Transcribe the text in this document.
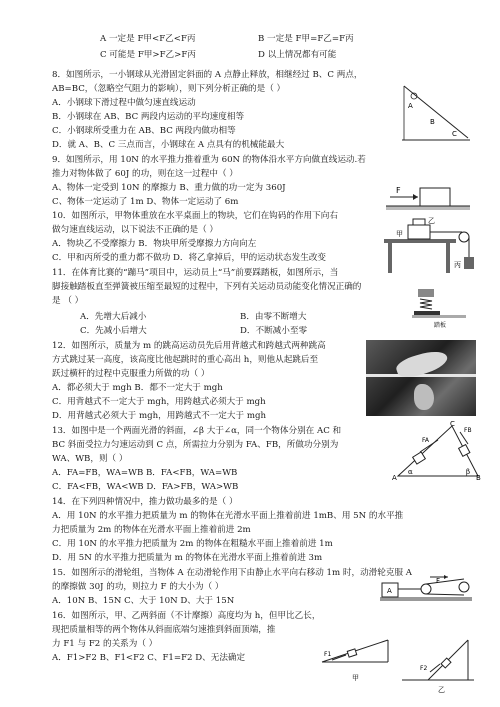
A 一定是 F甲<F乙<F丙	B 一定是 F甲=F乙=F丙
C 可能是 F甲>F乙>F丙	D 以上情况都有可能
8．如图所示，一小钢球从光滑固定斜面的 A 点静止释放，相继经过 B、C 两点，
AB=BC，（忽略空气阻力的影响），则下列分析正确的是（ ）
A．小钢球下滑过程中做匀速直线运动
B．小钢球在 AB、BC 两段内运动的平均速度相等
C．小钢球所受重力在 AB、BC 两段内做功相等
D．就 A、B、C 三点而言，小钢球在 A 点具有的机械能最大
9．如图所示，用 10N 的水平推力推着重为 60N 的物体沿水平方向做直线运动.若
推力对物体做了 60J 的功，则在这一过程中（ ）
A、物体一定受到 10N 的摩擦力 B、重力做的功一定为 360J
C、物体一定运动了 1m D、物体一定运动了 6m
10．如图所示，甲物体重放在水平桌面上的物块，它们在钩码的作用下向右
做匀速直线运动，以下说法不正确的是（ ）
A．物块乙不受摩擦力 B．物块甲所受摩擦力方向向左
C．甲和丙所受的重力都不做功 D．将乙拿掉后，甲的运动状态发生改变
11．在体育比赛的“蹦马”项目中，运动员上“马”前要踩踏板，如图所示，当
脚接触踏板直至弹簧被压缩至最短的过程中，下列有关运动员动能变化情况正确的
是 （ ）
A．先增大后减小	B．由零不断增大
C．先减小后增大	D．不断减小至零
12．如图所示，质量为 m 的跳高运动员先后用背越式和跨越式两种跳高
方式跳过某一高度，该高度比他起跳时的重心高出 h，则他从起跳后至
跃过横杆的过程中克服重力所做的功（ ）
A．都必须大于 mgh B．都不一定大于 mgh
C．用背越式不一定大于 mgh，用跨越式必须大于 mgh
D．用背越式必须大于 mgh，用跨越式不一定大于 mgh
13．如图中是一个两面光滑的斜面，∠β 大于∠α，同一个物体分别在 AC 和
BC 斜面受拉力匀速运动到 C 点，所需拉力分别为 FA、FB，所做功分别为
WA、WB，则（ ）
A．FA=FB，WA=WB B．FA<FB，WA=WB
C．FA<FB，WA<WB D．FA>FB，WA>WB
14．在下列四种情况中，推力做功最多的是（ ）
A．用 10N 的水平推力把质量为 m 的物体在光滑水平面上推着前进 1mB、用 5N 的水平推
力把质量为 2m 的物体在光滑水平面上推着前进 2m
C．用 10N 的水平推力把质量为 2m 的物体在粗糙水平面上推着前进 1m
D．用 5N 的水平推力把质量为 m 的物体在光滑水平面上推着前进 3m
15．如图所示的滑轮组，当物体 A 在动滑轮作用下由静止水平向右移动 1m 时，动滑轮克服 A
的摩擦做 30J 的功，则拉力 F 的大小为（ ）
A．10N B、15N C、大于 10N D、大于 15N
16．如图所示，甲、乙两斜面（不计摩擦）高度均为 h，但甲比乙长，
现把质量相等的两个物体从斜面底端匀速推到斜面顶端，推
力 F1 与 F2 的关系为（ ）
A．F1>F2 B、F1<F2 C、F1=F2 D、无法确定
A
B
C
F
甲
乙
丙
踏板
A	B
C
α	β
FA
FB
A
F
F1
F2
甲
乙
